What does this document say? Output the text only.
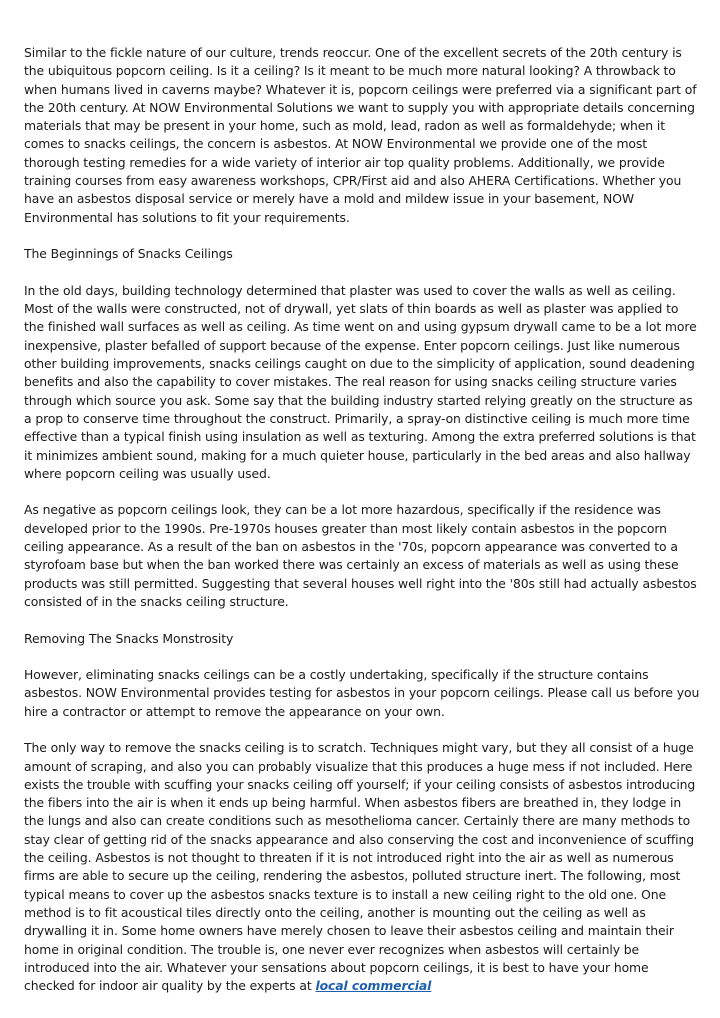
Similar to the fickle nature of our culture, trends reoccur. One of the excellent secrets of the 20th century is the ubiquitous popcorn ceiling. Is it a ceiling? Is it meant to be much more natural looking? A throwback to when humans lived in caverns maybe? Whatever it is, popcorn ceilings were preferred via a significant part of the 20th century. At NOW Environmental Solutions we want to supply you with appropriate details concerning materials that may be present in your home, such as mold, lead, radon as well as formaldehyde; when it comes to snacks ceilings, the concern is asbestos. At NOW Environmental we provide one of the most thorough testing remedies for a wide variety of interior air top quality problems. Additionally, we provide training courses from easy awareness workshops, CPR/First aid and also AHERA Certifications. Whether you have an asbestos disposal service or merely have a mold and mildew issue in your basement, NOW Environmental has solutions to fit your requirements.

The Beginnings of Snacks Ceilings

In the old days, building technology determined that plaster was used to cover the walls as well as ceiling. Most of the walls were constructed, not of drywall, yet slats of thin boards as well as plaster was applied to the finished wall surfaces as well as ceiling. As time went on and using gypsum drywall came to be a lot more inexpensive, plaster befalled of support because of the expense. Enter popcorn ceilings. Just like numerous other building improvements, snacks ceilings caught on due to the simplicity of application, sound deadening benefits and also the capability to cover mistakes. The real reason for using snacks ceiling structure varies through which source you ask. Some say that the building industry started relying greatly on the structure as a prop to conserve time throughout the construct. Primarily, a spray-on distinctive ceiling is much more time effective than a typical finish using insulation as well as texturing. Among the extra preferred solutions is that it minimizes ambient sound, making for a much quieter house, particularly in the bed areas and also hallway where popcorn ceiling was usually used.

As negative as popcorn ceilings look, they can be a lot more hazardous, specifically if the residence was developed prior to the 1990s. Pre-1970s houses greater than most likely contain asbestos in the popcorn ceiling appearance. As a result of the ban on asbestos in the '70s, popcorn appearance was converted to a styrofoam base but when the ban worked there was certainly an excess of materials as well as using these products was still permitted. Suggesting that several houses well right into the '80s still had actually asbestos consisted of in the snacks ceiling structure.

Removing The Snacks Monstrosity

However, eliminating snacks ceilings can be a costly undertaking, specifically if the structure contains asbestos. NOW Environmental provides testing for asbestos in your popcorn ceilings. Please call us before you hire a contractor or attempt to remove the appearance on your own.

The only way to remove the snacks ceiling is to scratch. Techniques might vary, but they all consist of a huge amount of scraping, and also you can probably visualize that this produces a huge mess if not included. Here exists the trouble with scuffing your snacks ceiling off yourself; if your ceiling consists of asbestos introducing the fibers into the air is when it ends up being harmful. When asbestos fibers are breathed in, they lodge in the lungs and also can create conditions such as mesothelioma cancer. Certainly there are many methods to stay clear of getting rid of the snacks appearance and also conserving the cost and inconvenience of scuffing the ceiling. Asbestos is not thought to threaten if it is not introduced right into the air as well as numerous firms are able to secure up the ceiling, rendering the asbestos, polluted structure inert. The following, most typical means to cover up the asbestos snacks texture is to install a new ceiling right to the old one. One method is to fit acoustical tiles directly onto the ceiling, another is mounting out the ceiling as well as drywalling it in. Some home owners have merely chosen to leave their asbestos ceiling and maintain their home in original condition. The trouble is, one never ever recognizes when asbestos will certainly be introduced into the air. Whatever your sensations about popcorn ceilings, it is best to have your home checked for indoor air quality by the experts at local commercial
